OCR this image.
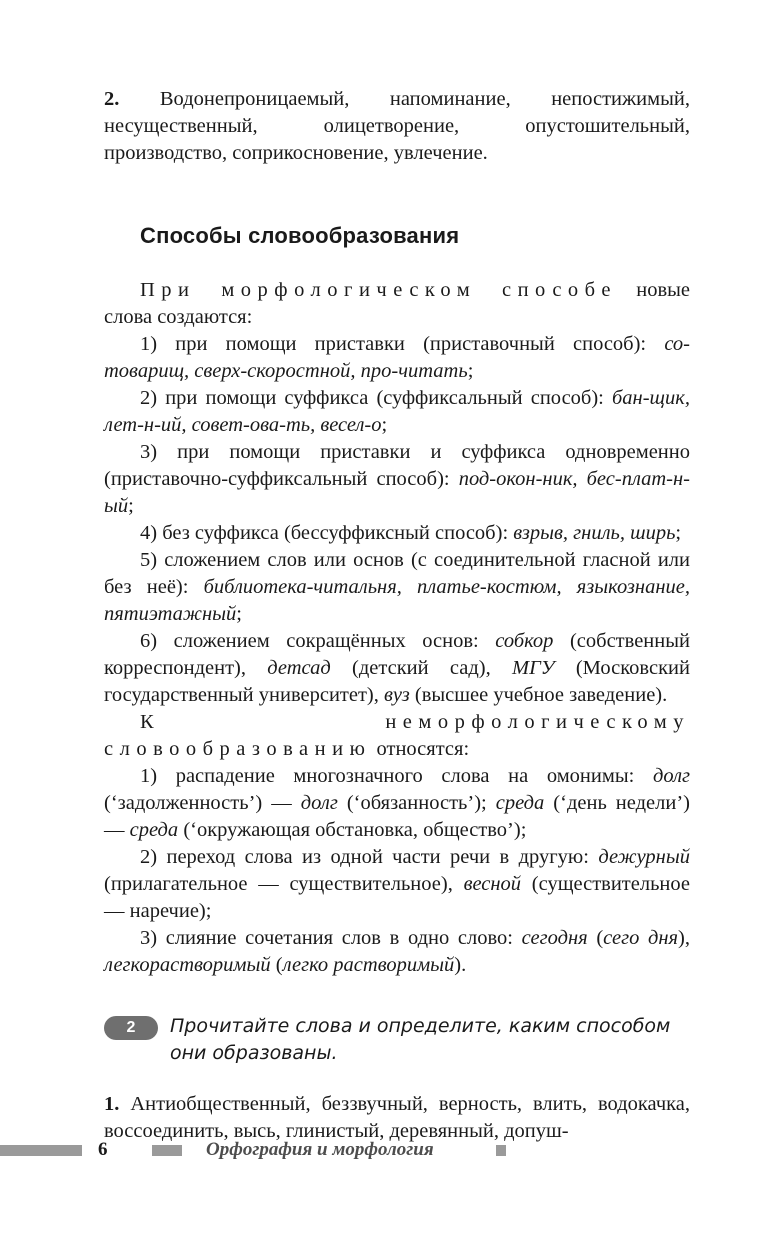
2. Водонепроницаемый, напоминание, непостижимый, несущественный, олицетворение, опустошительный, производство, соприкосновение, увлечение.

Способы словообразования

При морфологическом способе новые слова создаются:

1) при помощи приставки (приставочный способ): со-товарищ, сверх-скоростной, про-читать;

2) при помощи суффикса (суффиксальный способ): бан-щик, лет-н-ий, совет-ова-ть, весел-о;

3) при помощи приставки и суффикса одновременно (приставочно-суффиксальный способ): под-окон-ник, бес-плат-н-ый;

4) без суффикса (бессуффиксный способ): взрыв, гниль, ширь;

5) сложением слов или основ (с соединительной гласной или без неё): библиотека-читальня, платье-костюм, языкознание, пятиэтажный;

6) сложением сокращённых основ: собкор (собственный корреспондент), детсад (детский сад), МГУ (Московский государственный университет), вуз (высшее учебное заведение).

К неморфологическому словообразованию относятся:

1) распадение многозначного слова на омонимы: долг (‘задолженность’) — долг (‘обязанность’); среда (‘день недели’) — среда (‘окружающая обстановка, общество’);

2) переход слова из одной части речи в другую: дежурный (прилагательное — существительное), весной (существительное — наречие);

3) слияние сочетания слов в одно слово: сегодня (сего дня), легкорастворимый (легко растворимый).

2	Прочитайте слова и определите, каким способом они образованы.

1. Антиобщественный, беззвучный, верность, влить, водокачка, воссоединить, высь, глинистый, деревянный, допуш-

6	Орфография и морфология
